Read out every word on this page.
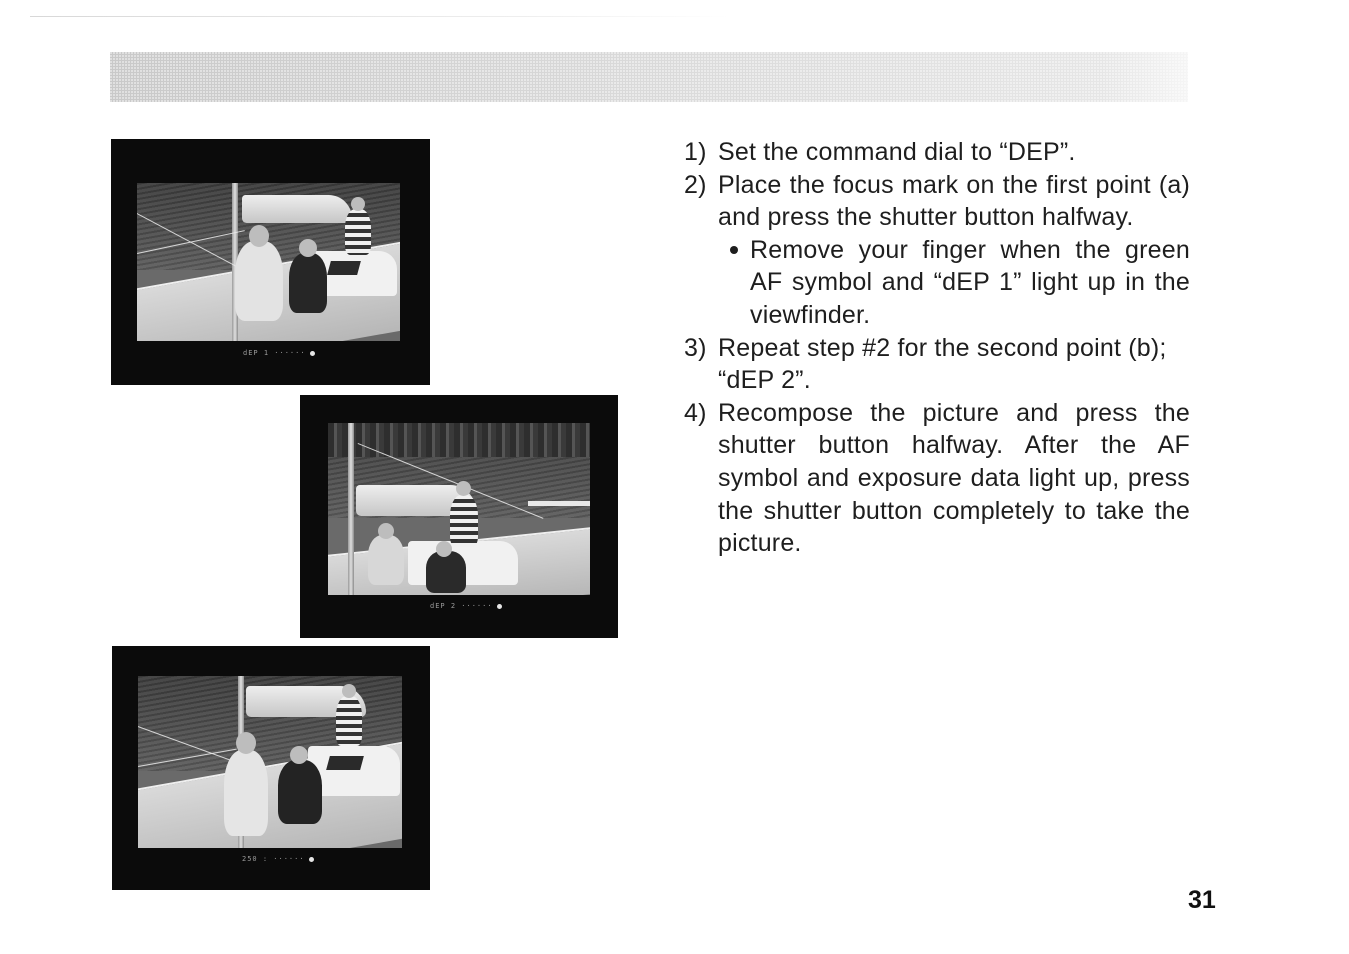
dEP 1 ······
dEP 2 ······
250 : ······
1) Set the command dial to “DEP”.
2) Place the focus mark on the first point (a) and press the shutter button halfway.
Remove your finger when the green AF symbol and “dEP 1” light up in the viewfinder.
3) Repeat step #2 for the second point (b); “dEP 2”.
4) Recompose the picture and press the shutter button halfway. After the AF symbol and exposure data light up, press the shutter button completely to take the picture.
31
